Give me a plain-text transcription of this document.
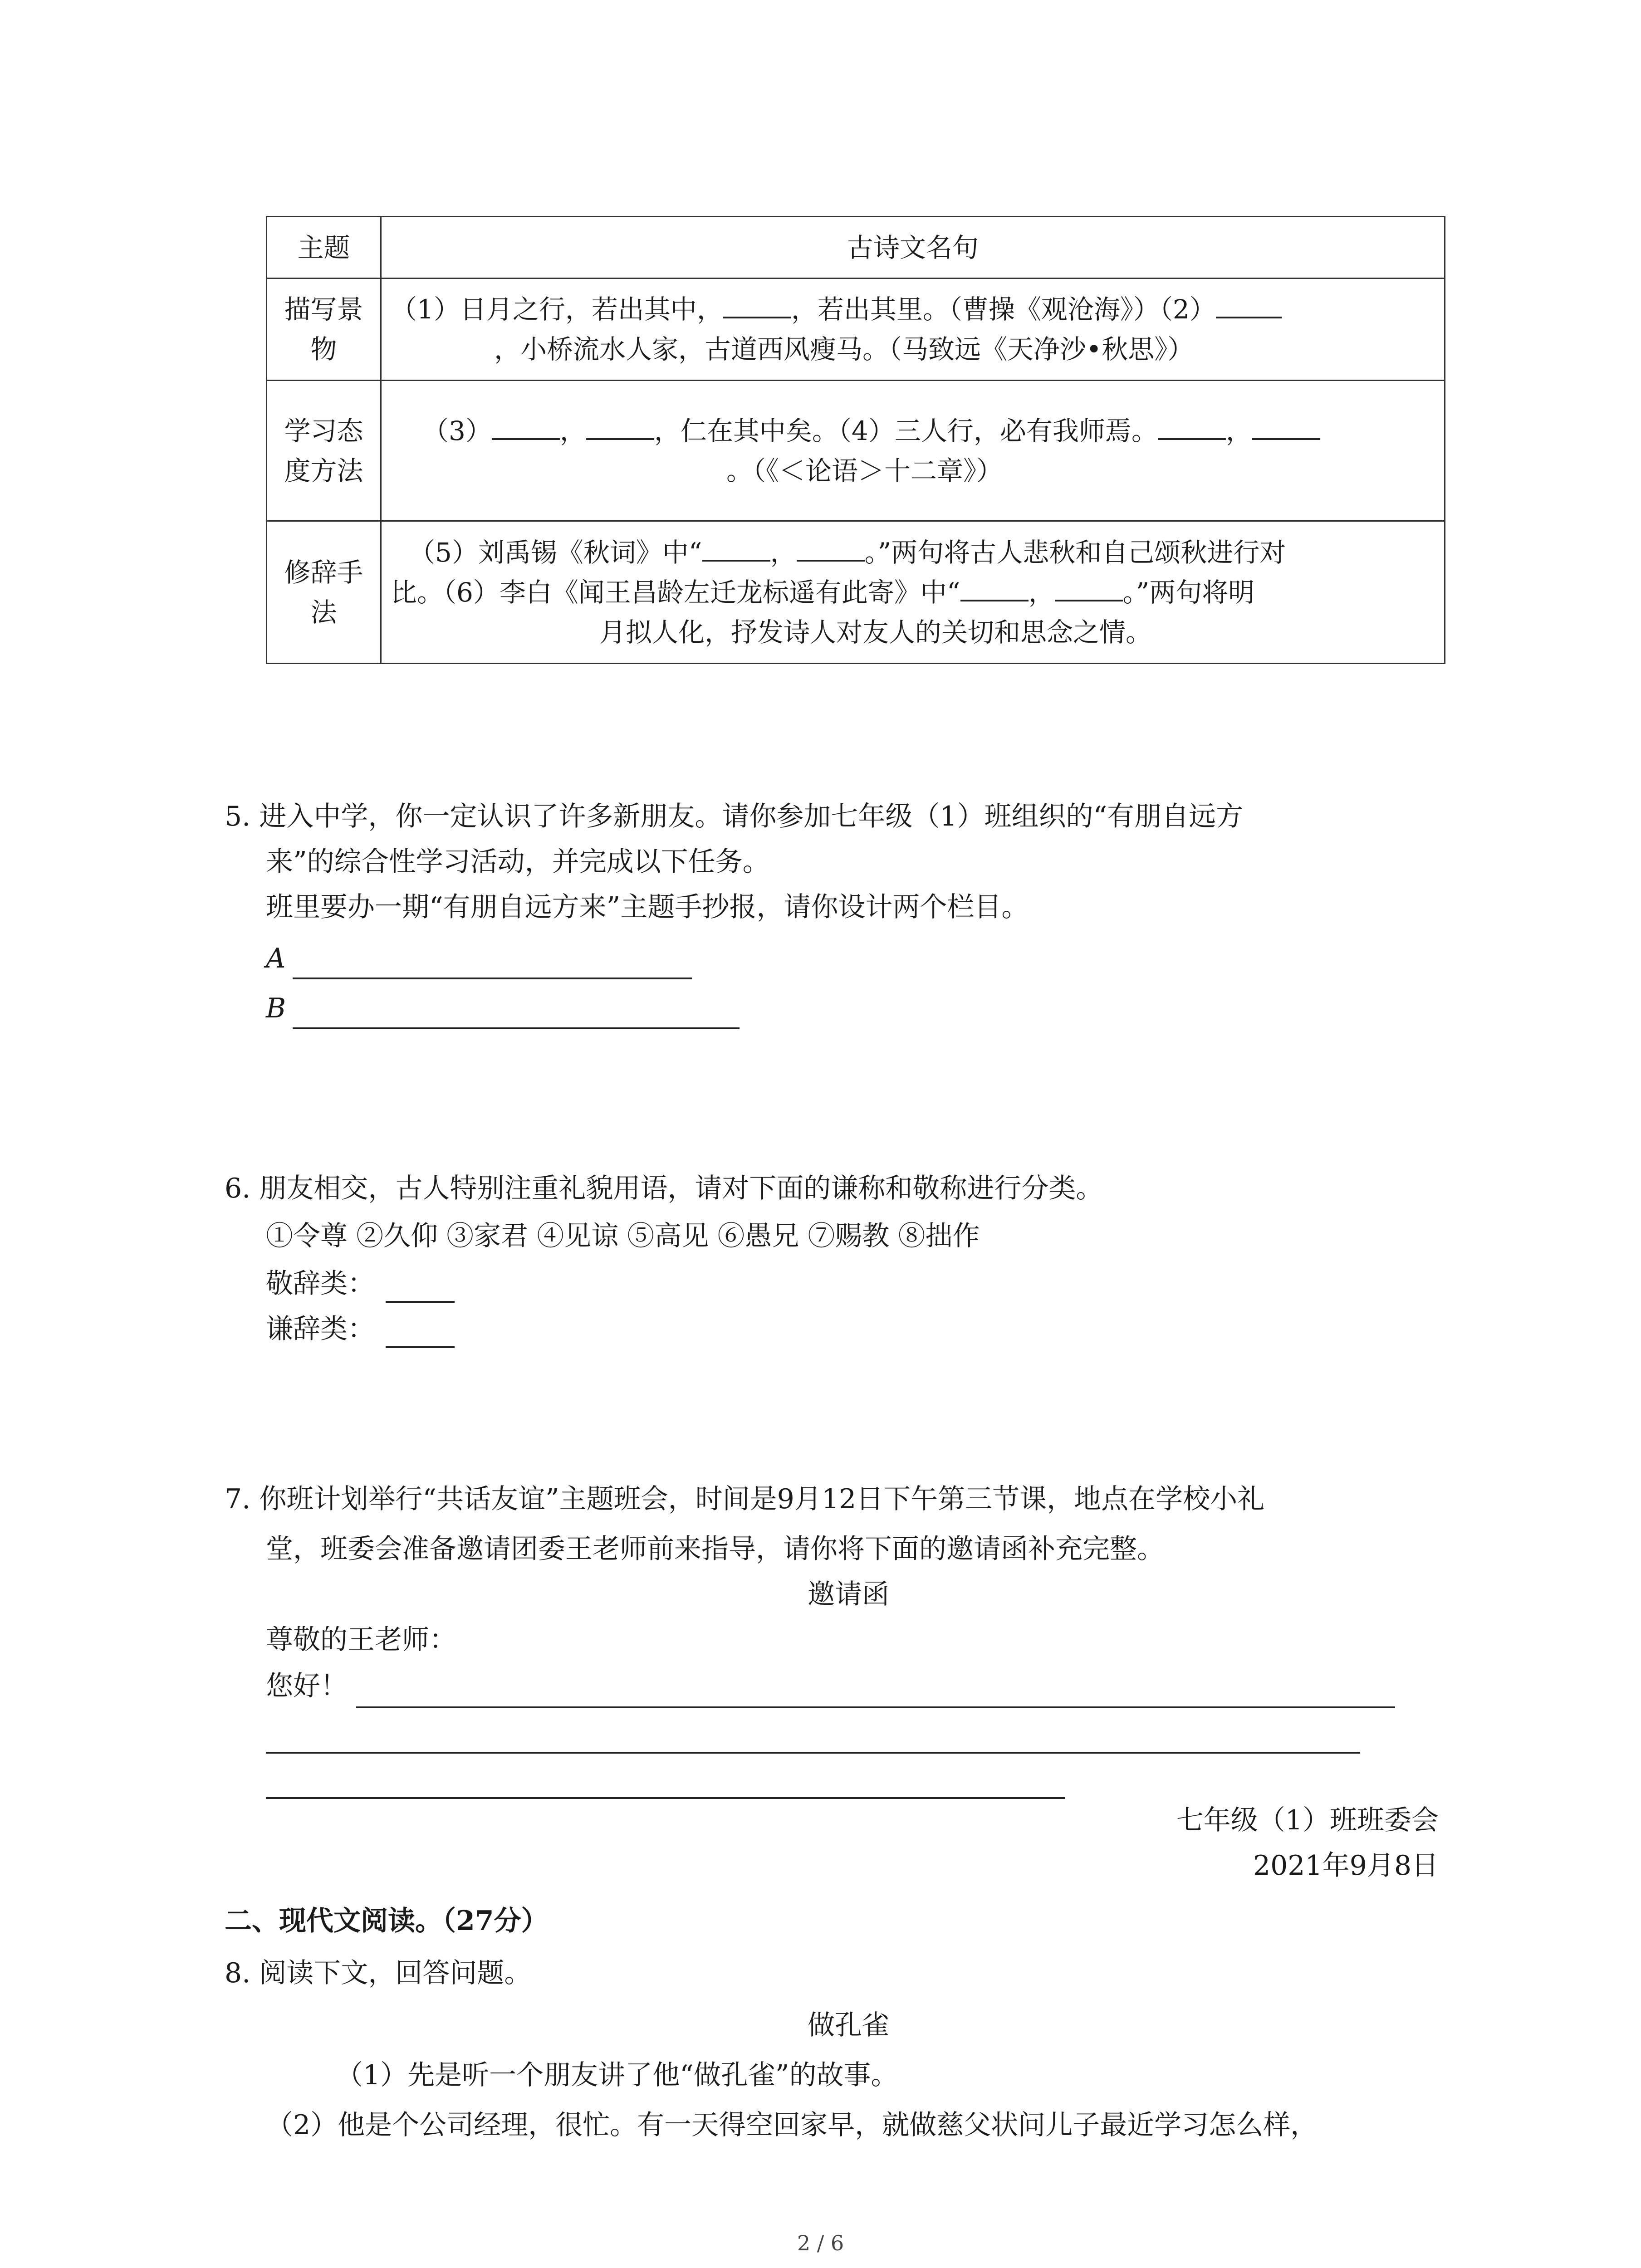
主题	古诗文名句
描写景物	（1）日月之行，若出其中， ，若出其里。（曹操《观沧海》）（2）
，小桥流水人家，古道西风瘦马。（马致远《天净沙•秋思》）

学习态度方法	（3） ， ，仁在其中矣。（4）三人行，必有我师焉。 ，
。（《＜论语＞十二章》）

修辞手法	（5）刘禹锡《秋词》中“ ， 。”两句将古人悲秋和自己颂秋进行对
比。（6）李白《闻王昌龄左迁龙标遥有此寄》中“ ， 。”两句将明
月拟人化，抒发诗人对友人的关切和思念之情。
5. 进入中学，你一定认识了许多新朋友。请你参加七年级（1）班组织的“有朋自远方
来”的综合性学习活动，并完成以下任务。
班里要办一期“有朋自远方来”主题手抄报，请你设计两个栏目。
A
B
6. 朋友相交，古人特别注重礼貌用语，请对下面的谦称和敬称进行分类。
①令尊 ②久仰 ③家君 ④见谅 ⑤高见 ⑥愚兄 ⑦赐教 ⑧拙作
敬辞类：
谦辞类：
7. 你班计划举行“共话友谊”主题班会，时间是9月12日下午第三节课，地点在学校小礼
堂，班委会准备邀请团委王老师前来指导，请你将下面的邀请函补充完整。
邀请函
尊敬的王老师：
您好！
七年级（1）班班委会
2021年9月8日
二、现代文阅读。（27分）
8. 阅读下文，回答问题。
做孔雀
（1）先是听一个朋友讲了他“做孔雀”的故事。
（2）他是个公司经理，很忙。有一天得空回家早，就做慈父状问儿子最近学习怎么样，
2 / 6
